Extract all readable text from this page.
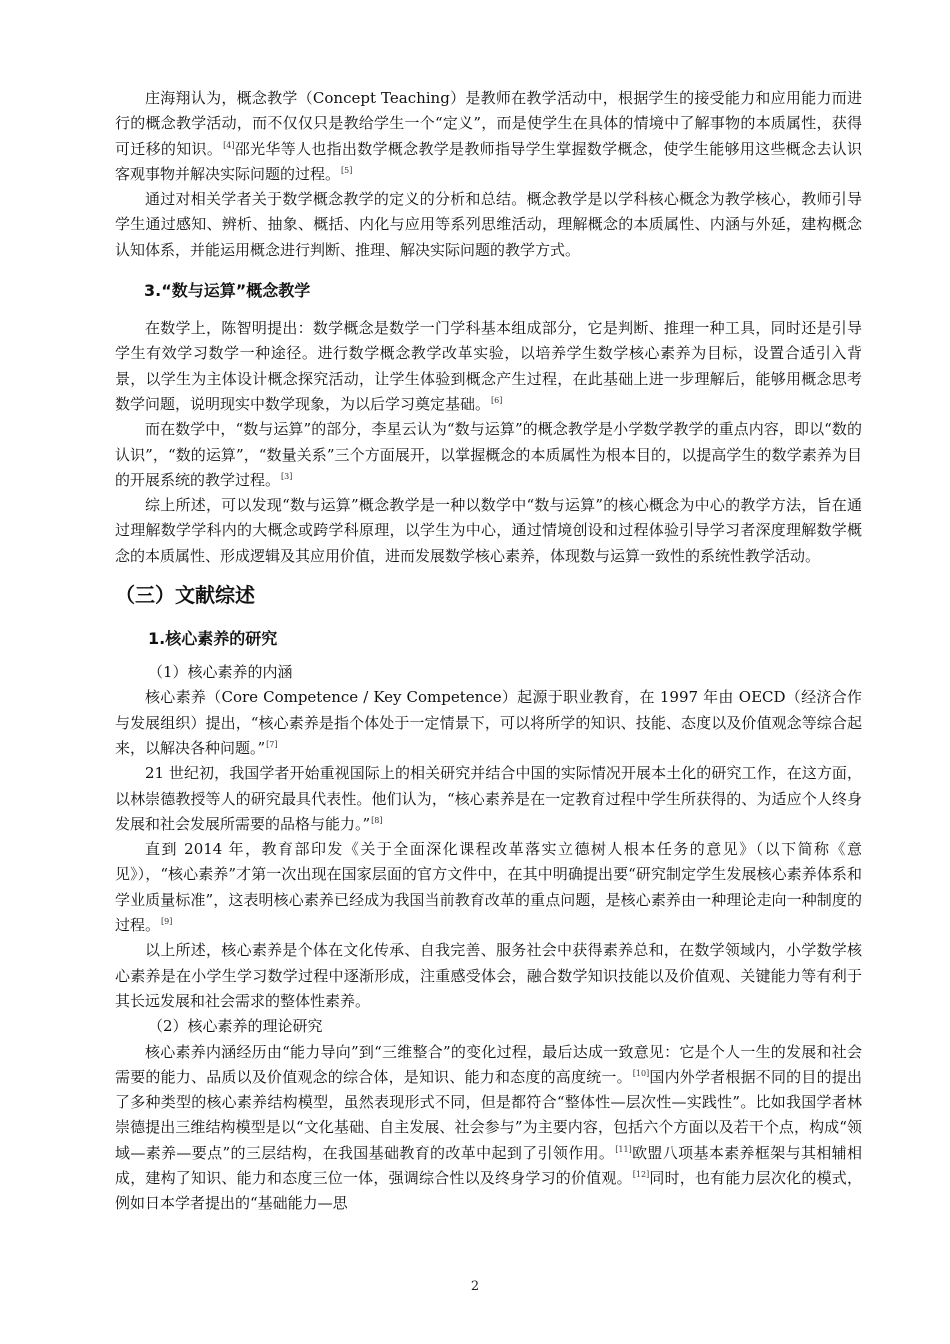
庄海翔认为，概念教学（Concept Teaching）是教师在教学活动中，根据学生的接受能力和应用能力而进行的概念教学活动，而不仅仅只是教给学生一个“定义”，而是使学生在具体的情境中了解事物的本质属性，获得可迁移的知识。[4]邵光华等人也指出数学概念教学是教师指导学生掌握数学概念，使学生能够用这些概念去认识客观事物并解决实际问题的过程。[5]

通过对相关学者关于数学概念教学的定义的分析和总结。概念教学是以学科核心概念为教学核心，教师引导学生通过感知、辨析、抽象、概括、内化与应用等系列思维活动，理解概念的本质属性、内涵与外延，建构概念认知体系，并能运用概念进行判断、推理、解决实际问题的教学方式。

3.“数与运算”概念教学

在数学上，陈智明提出：数学概念是数学一门学科基本组成部分，它是判断、推理一种工具，同时还是引导学生有效学习数学一种途径。进行数学概念教学改革实验，以培养学生数学核心素养为目标，设置合适引入背景，以学生为主体设计概念探究活动，让学生体验到概念产生过程，在此基础上进一步理解后，能够用概念思考数学问题，说明现实中数学现象，为以后学习奠定基础。[6]

而在数学中，“数与运算”的部分，李星云认为“数与运算”的概念教学是小学数学教学的重点内容，即以“数的认识”，“数的运算”，“数量关系”三个方面展开，以掌握概念的本质属性为根本目的，以提高学生的数学素养为目的开展系统的教学过程。[3]

综上所述，可以发现“数与运算”概念教学是一种以数学中“数与运算”的核心概念为中心的教学方法，旨在通过理解数学学科内的大概念或跨学科原理，以学生为中心，通过情境创设和过程体验引导学习者深度理解数学概念的本质属性、形成逻辑及其应用价值，进而发展数学核心素养，体现数与运算一致性的系统性教学活动。

（三）文献综述
1.核心素养的研究
（1）核心素养的内涵

核心素养（Core Competence / Key Competence）起源于职业教育，在 1997 年由 OECD（经济合作与发展组织）提出，“核心素养是指个体处于一定情景下，可以将所学的知识、技能、态度以及价值观念等综合起来，以解决各种问题。”[7]

21 世纪初，我国学者开始重视国际上的相关研究并结合中国的实际情况开展本土化的研究工作，在这方面，以林崇德教授等人的研究最具代表性。他们认为，“核心素养是在一定教育过程中学生所获得的、为适应个人终身发展和社会发展所需要的品格与能力。”[8]

直到 2014 年，教育部印发《关于全面深化课程改革落实立德树人根本任务的意见》（以下简称《意见》），“核心素养”才第一次出现在国家层面的官方文件中，在其中明确提出要“研究制定学生发展核心素养体系和学业质量标准”，这表明核心素养已经成为我国当前教育改革的重点问题，是核心素养由一种理论走向一种制度的过程。[9]

以上所述，核心素养是个体在文化传承、自我完善、服务社会中获得素养总和，在数学领域内，小学数学核心素养是在小学生学习数学过程中逐渐形成，注重感受体会，融合数学知识技能以及价值观、关键能力等有利于其长远发展和社会需求的整体性素养。

（2）核心素养的理论研究

核心素养内涵经历由“能力导向”到“三维整合”的变化过程，最后达成一致意见：它是个人一生的发展和社会需要的能力、品质以及价值观念的综合体，是知识、能力和态度的高度统一。[10]国内外学者根据不同的目的提出了多种类型的核心素养结构模型，虽然表现形式不同，但是都符合“整体性—层次性—实践性”。比如我国学者林崇德提出三维结构模型是以“文化基础、自主发展、社会参与”为主要内容，包括六个方面以及若干个点，构成“领域—素养—要点”的三层结构，在我国基础教育的改革中起到了引领作用。[11]欧盟八项基本素养框架与其相辅相成，建构了知识、能力和态度三位一体，强调综合性以及终身学习的价值观。[12]同时，也有能力层次化的模式，例如日本学者提出的“基础能力—思

2
